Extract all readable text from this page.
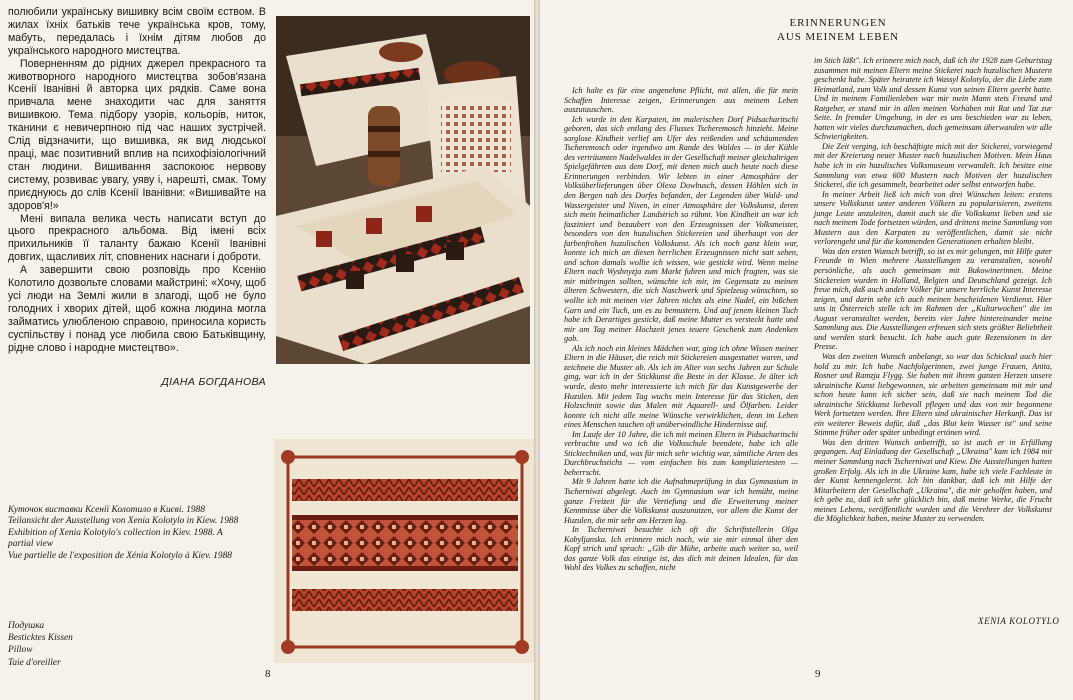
полюбили українську вишивку всім своїм єством. В жилах їхніх батьків тече українська кров, тому, мабуть, передалась і їхнім дітям любов до українського народного мистецтва.

Поверненням до рідних джерел прекрасного та животворного народного мистецтва зобов'язана Ксенії Іванівні й авторка цих рядків. Саме вона привчала мене знаходити час для заняття вишивкою. Тема підбору узорів, кольорів, ниток, тканини є невичерпною під час наших зустрічей. Слід відзначити, що вишивка, як вид людської праці, має позитивний вплив на психофізіологічний стан людини. Вишивання заспокоює нервову систему, розвиває увагу, уяву і, нарешті, смак. Тому приєднуюсь до слів Ксенії Іванівни: «Вишивайте на здоров'я!»

Мені випала велика честь написати вступ до цього прекрасного альбома. Від імені всіх прихильників її таланту бажаю Ксенії Іванівні довгих, щасливих літ, сповнених наснаги і доброти.

А завершити свою розповідь про Ксенію Колотило дозвольте словами майстрині: «Хочу, щоб усі люди на Землі жили в злагоді, щоб не було голодних і хворих дітей, щоб кожна людина могла займатись улюбленою справою, приносила користь суспільству і понад усе любила свою Батьківщину, рідне слово і народне мистецтво».

ДІАНА БОГДАНОВА

Куточок виставки Ксенії Колотило в Києві. 1988

Teilansicht der Ausstellung von Xenia Kolotylo in Kiew. 1988

Exhibition of Xenia Kolotylo's collection in Kiev. 1988. A partial view

Vue partielle de l'exposition de Xénia Kolotylo à Kiev. 1988

Подушка

Besticktes Kissen

Pillow

Taie d'oreiller

8
ERINNERUNGEN
AUS MEINEM LEBEN

Ich halte es für eine angenehme Pflicht, mit allen, die für mein Schaffen Interesse zeigen, Erinnerungen aus meinem Leben auszutauschen.

Ich wurde in den Karpaten, im malerischen Dorf Pidsacharitschi geboren, das sich entlang des Flusses Tscheremosch hinzieht. Meine sorglose Kindheit verlief am Ufer des reißenden und schäumenden Tscheremosch oder irgendwo am Rande des Waldes — in der Kühle des verträumten Nadelwaldes in der Gesellschaft meiner gleichaltrigen Spielgefährten aus dem Dorf, mit denen mich auch heute noch diese Erinnerungen verbinden. Wir lebten in einer Atmosphäre der Volksüberlieferungen über Olexa Dowbusch, dessen Höhlen sich in den Bergen nah des Dorfes befanden, der Legenden über Wald- und Wassergeister und Nixen, in einer Atmosphäre der Volkskunst, deren sich mein heimatlicher Landstrich so rühmt. Von Kindheit an war ich fasziniert und bezaubert von den Erzeugnissen der Volksmeister, besonders von den huzulischen Stickereien und überhaupt von der farbenfrohen huzulischen Volkskunst. Als ich noch ganz klein war, konnte ich mich an diesen herrlichen Erzeugnissen nicht satt sehen, und schon damals wollte ich wissen, wie gestickt wird. Wenn meine Eltern nach Wyshnyzja zum Markt fuhren und mich fragten, was sie mir mitbringen sollten, wünschte ich mir, im Gegensatz zu meinen älteren Schwestern, die sich Naschwerk und Spielzeug wünschten, so wollte ich mit meinen vier Jahren nichts als eine Nadel, ein bißchen Garn und ein Tuch, um es zu bemustern. Und auf jenem kleinen Tuch habe ich Derartiges gestickt, daß meine Mutter es versteckt hatte und mir am Tag meiner Hochzeit jenes teuere Geschenk zum Andenken gab.

Als ich noch ein kleines Mädchen war, ging ich ohne Wissen meiner Eltern in die Häuser, die reich mit Stickereien ausgestattet waren, und zeichnete die Muster ab. Als ich im Alter von sechs Jahren zur Schule ging, war ich in der Stickkunst die Beste in der Klasse. Je älter ich wurde, desto mehr interessierte ich mich für das Kunstgewerbe der Huzulen. Mit jedem Tag wuchs mein Interesse für das Sticken, den Holzschnitt sowie das Malen mit Aquarell- und Ölfarben. Leider konnte ich nicht alle meine Wünsche verwirklichen, denn im Leben eines Menschen tauchen oft unüberwindliche Hindernisse auf.

Im Laufe der 10 Jahre, die ich mit meinen Eltern in Pidsacharitschi verbrachte und wo ich die Volksschule beendete, habe ich alle Sticktechniken und, was für mich sehr wichtig war, sämtliche Arten des Durchbruchstichs — vom einfachen bis zum kompliziertesten — beherrscht.

Mit 9 Jahren hatte ich die Aufnahmeprüfung in das Gymnasium in Tscherniwzi abgelegt. Auch im Gymnasium war ich bemüht, meine ganze Freizeit für die Vertiefung und die Erweiterung meiner Kenntnisse über die Volkskunst auszunutzen, vor allem die Kunst der Huzulen, die mir sehr am Herzen lag.

In Tscherniwzi besuchte ich oft die Schriftstellerin Olga Kobyljanska. Ich erinnere mich noch, wie sie mir einmal über den Kopf strich und sprach: „Gib dir Mühe, arbeite auch weiter so, weil das ganze Volk das einzige ist, das dich mit deinen Idealen, für das Wohl des Volkes zu schaffen, nicht

im Stich läßt". Ich erinnere mich noch, daß ich ihr 1928 zum Geburtstag zusammen mit meinen Eltern meine Stickerei nach huzulischen Mustern geschenkt habe. Später heiratete ich Wassyl Kolotylo, der die Liebe zum Heimatland, zum Volk und dessen Kunst von seinen Eltern geerbt hatte. Und in meinem Familienleben war mir mein Mann stets Freund und Ratgeber, er stand mir in allen meinen Vorhaben mit Rat und Tat zur Seite. In fremder Umgebung, in der es uns beschieden war zu leben, hatten wir vieles durchzumachen, doch gemeinsam überwanden wir alle Schwierigkeiten.

Die Zeit verging, ich beschäftigte mich mit der Stickerei, vorwiegend mit der Kreierung neuer Muster nach huzulischen Motiven. Mein Haus habe ich in ein huzulisches Volksmuseum verwandelt. Ich besitze eine Sammlung von etwa 600 Mustern nach Motiven der huzulischen Stickerei, die ich gesammelt, bearbeitet oder selbst entworfen habe.

In meiner Arbeit ließ ich mich von drei Wünschen leiten: erstens unsere Volkskunst unter anderen Völkern zu popularisieren, zweitens junge Leute anzuleiten, damit auch sie die Volkskunst lieben und sie nach meinem Tode fortsetzen würden, und drittens meine Sammlung von Mustern aus den Karpaten zu veröffentlichen, damit sie nicht verlorengeht und für die kommenden Generationen erhalten bleibt.

Was den ersten Wunsch betrifft, so ist es mir gelungen, mit Hilfe guter Freunde in Wien mehrere Ausstellungen zu veranstalten, sowohl persönliche, als auch gemeinsam mit Bukowinerinnen. Meine Stickereien wurden in Holland, Belgien und Deutschland gezeigt. Ich freue mich, daß auch andere Völker für unsere herrliche Kunst Interesse zeigen, und darin sehe ich auch meinen bescheidenen Verdienst. Hier uns in Österreich stelle ich im Rahmen der „Kulturwochen" die im August veranstaltet werden, bereits vier Jahre hintereinander meine Sammlung aus. Die Ausstellungen erfreuen sich stets größter Beliebtheit und werden stark besucht. Ich habe auch gute Rezensionen in der Presse.

Was den zweiten Wunsch anbelangt, so war das Schicksal auch hier hold zu mir. Ich habe Nachfolgerinnen, zwei junge Frauen, Anita, Rosner und Ramzja Flygg. Sie haben mit ihrem ganzen Herzen unsere ukrainische Kunst liebgewonnen, sie arbeiten gemeinsam mit mir und schon heute kann ich sicher sein, daß sie nach meinem Tod die ukrainische Stickkunst liebevoll pflegen und das von mir begonnene Werk fortsetzen werden. Ihre Eltern sind ukrainischer Herkunft. Das ist ein weiterer Beweis dafür, daß „das Blut kein Wasser ist" und seine Stimme früher oder später unbedingt ertönen wird.

Was den dritten Wunsch anbetrifft, so ist auch er in Erfüllung gegangen. Auf Einladung der Gesellschaft „Ukraina" kam ich 1984 mit meiner Sammlung nach Tscherniwzi und Kiew. Die Ausstellungen hatten großen Erfolg. Als ich in die Ukraine kam, habe ich viele Fachleute in der Kunst kennengelernt. Ich bin dankbar, daß ich mit Hilfe der Mitarbeitern der Gesellschaft „Ukraina", die mir geholfen haben, und ich gebe zu, daß ich sehr glücklich bin, daß meine Werke, die Frucht meines Lebens, veröffentlicht wurden und die Verehrer der Volkskunst die Möglichkeit haben, meine Muster zu verwenden.

XENIA KOLOTYLO
9
